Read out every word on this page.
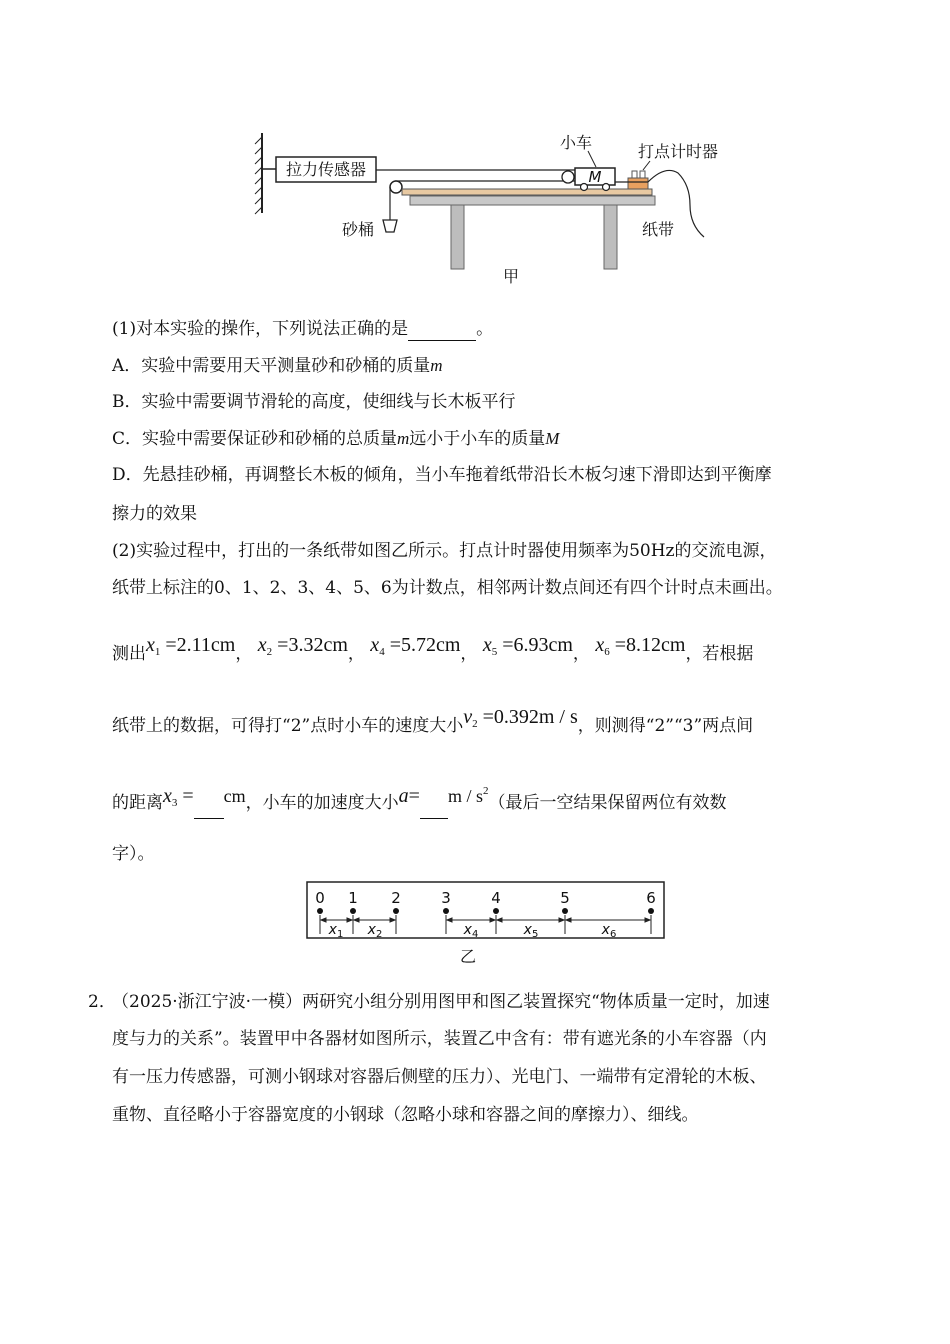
拉力传感器
砂桶
M
小车	打点计时器
纸带
甲
(1)对本实验的操作，下列说法正确的是	。
A．实验中需要用天平测量砂和砂桶的质量m
B．实验中需要调节滑轮的高度，使细线与长木板平行
C．实验中需要保证砂和砂桶的总质量m远小于小车的质量M
D．先悬挂砂桶，再调整长木板的倾角，当小车拖着纸带沿长木板匀速下滑即达到平衡摩
擦力的效果
(2)实验过程中，打出的一条纸带如图乙所示。打点计时器使用频率为50Hz的交流电源，
纸带上标注的0、1、2、3、4、5、6为计数点，相邻两计数点间还有四个计时点未画出。
测出$x_1 =2.11cm$， $x_2 =3.32cm$， $x_4 =5.72cm$， $x_5 =6.93cm$， $x_6 =8.12cm$，若根据
纸带上的数据，可得打“2”点时小车的速度大小$v_2 =0.392m / s$，则测得“2”“3”两点间
的距离$x_3$ = cm，小车的加速度大小$a= m / s^2$（最后一空结果保留两位有效数
字）。
0 1 2	3	4	5	6
$x_1$ $x_2$	$x_4$	$x_5$	$x_6$
乙
2．
（2025·浙江宁波·一模）两研究小组分别用图甲和图乙装置探究“物体质量一定时，加速
度与力的关系”。装置甲中各器材如图所示，装置乙中含有：带有遮光条的小车容器（内
有一压力传感器，可测小钢球对容器后侧壁的压力）、光电门、一端带有定滑轮的木板、
重物、直径略小于容器宽度的小钢球（忽略小球和容器之间的摩擦力）、细线。
